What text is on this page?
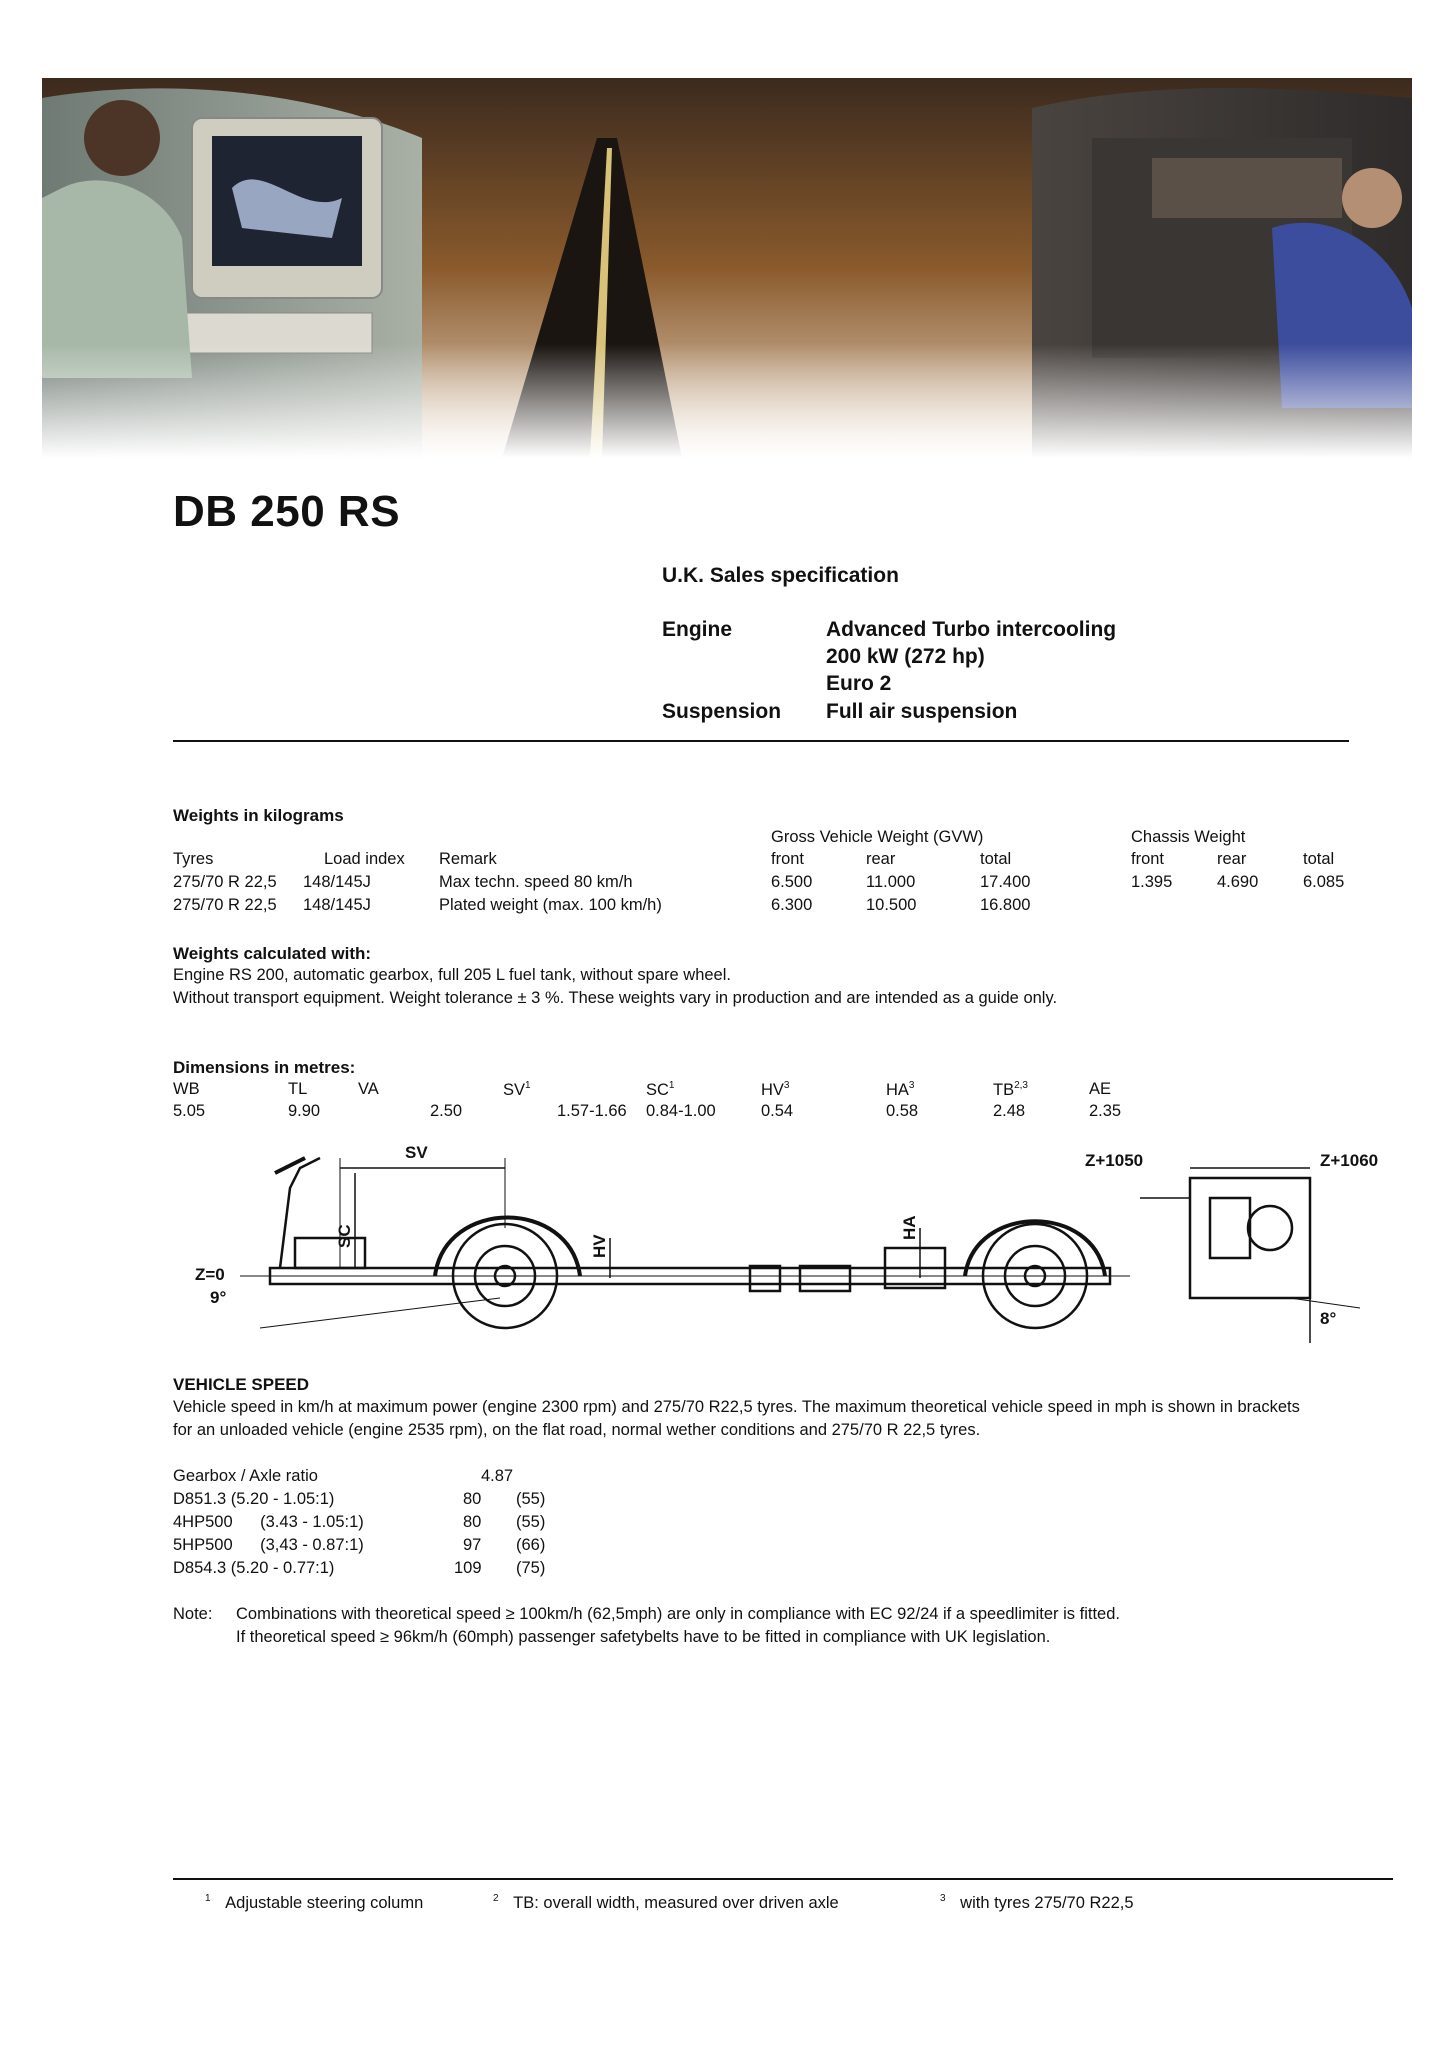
DB 250 RS
U.K. Sales specification
Engine	Advanced Turbo intercooling
200 kW (272 hp)
Euro 2
Suspension Full air suspension
Weights in kilograms
Gross Vehicle Weight (GVW)	Chassis Weight
Tyres	Load index Remark	front	rear	total	front	rear	total
275/70 R 22,5 148/145J	Max techn. speed 80 km/h	6.500	11.000	17.400	1.395	4.690	6.085
275/70 R 22,5 148/145J	Plated weight (max. 100 km/h)	6.300	10.500	16.800
Weights calculated with:
Engine RS 200, automatic gearbox, full 205 L fuel tank, without spare wheel.
Without transport equipment. Weight tolerance ± 3 %. These weights vary in production and are intended as a guide only.
Dimensions in metres:
WB	TL	VA	$SV^1$	$SC^1$	$HV^3$	$HA^3$	TB$^{2,3}$	AE
5.05	9.90	2.50	1.57-1.66 0.84-1.00	0.54	0.58	2.48	2.35
SV
SC	HV
HA
Z=0
Z+1050	Z+1060
9°
8°
VEHICLE SPEED
Vehicle speed in km/h at maximum power (engine 2300 rpm) and 275/70 R22,5 tyres. The maximum theoretical vehicle speed in mph is shown in brackets
for an unloaded vehicle (engine 2535 rpm), on the flat road, normal wether conditions and 275/70 R 22,5 tyres.
Gearbox / Axle ratio	4.87
D851.3 (5.20 - 1.05:1)	80 (55)
4HP500      (3.43 - 1.05:1)	80 (55)
5HP500      (3,43 - 0.87:1)	97 (66)
D854.3 (5.20 - 0.77:1)	109 (75)
Note: Combinations with theoretical speed ≥ 100km/h (62,5mph) are only in compliance with EC 92/24 if a speedlimiter is fitted.
If theoretical speed ≥ 96km/h (60mph) passenger safetybelts have to be fitted in compliance with UK legislation.
$^1$ Adjustable steering column	$^2$ TB: overall width, measured over driven axle	$^3$ with tyres 275/70 R22,5
